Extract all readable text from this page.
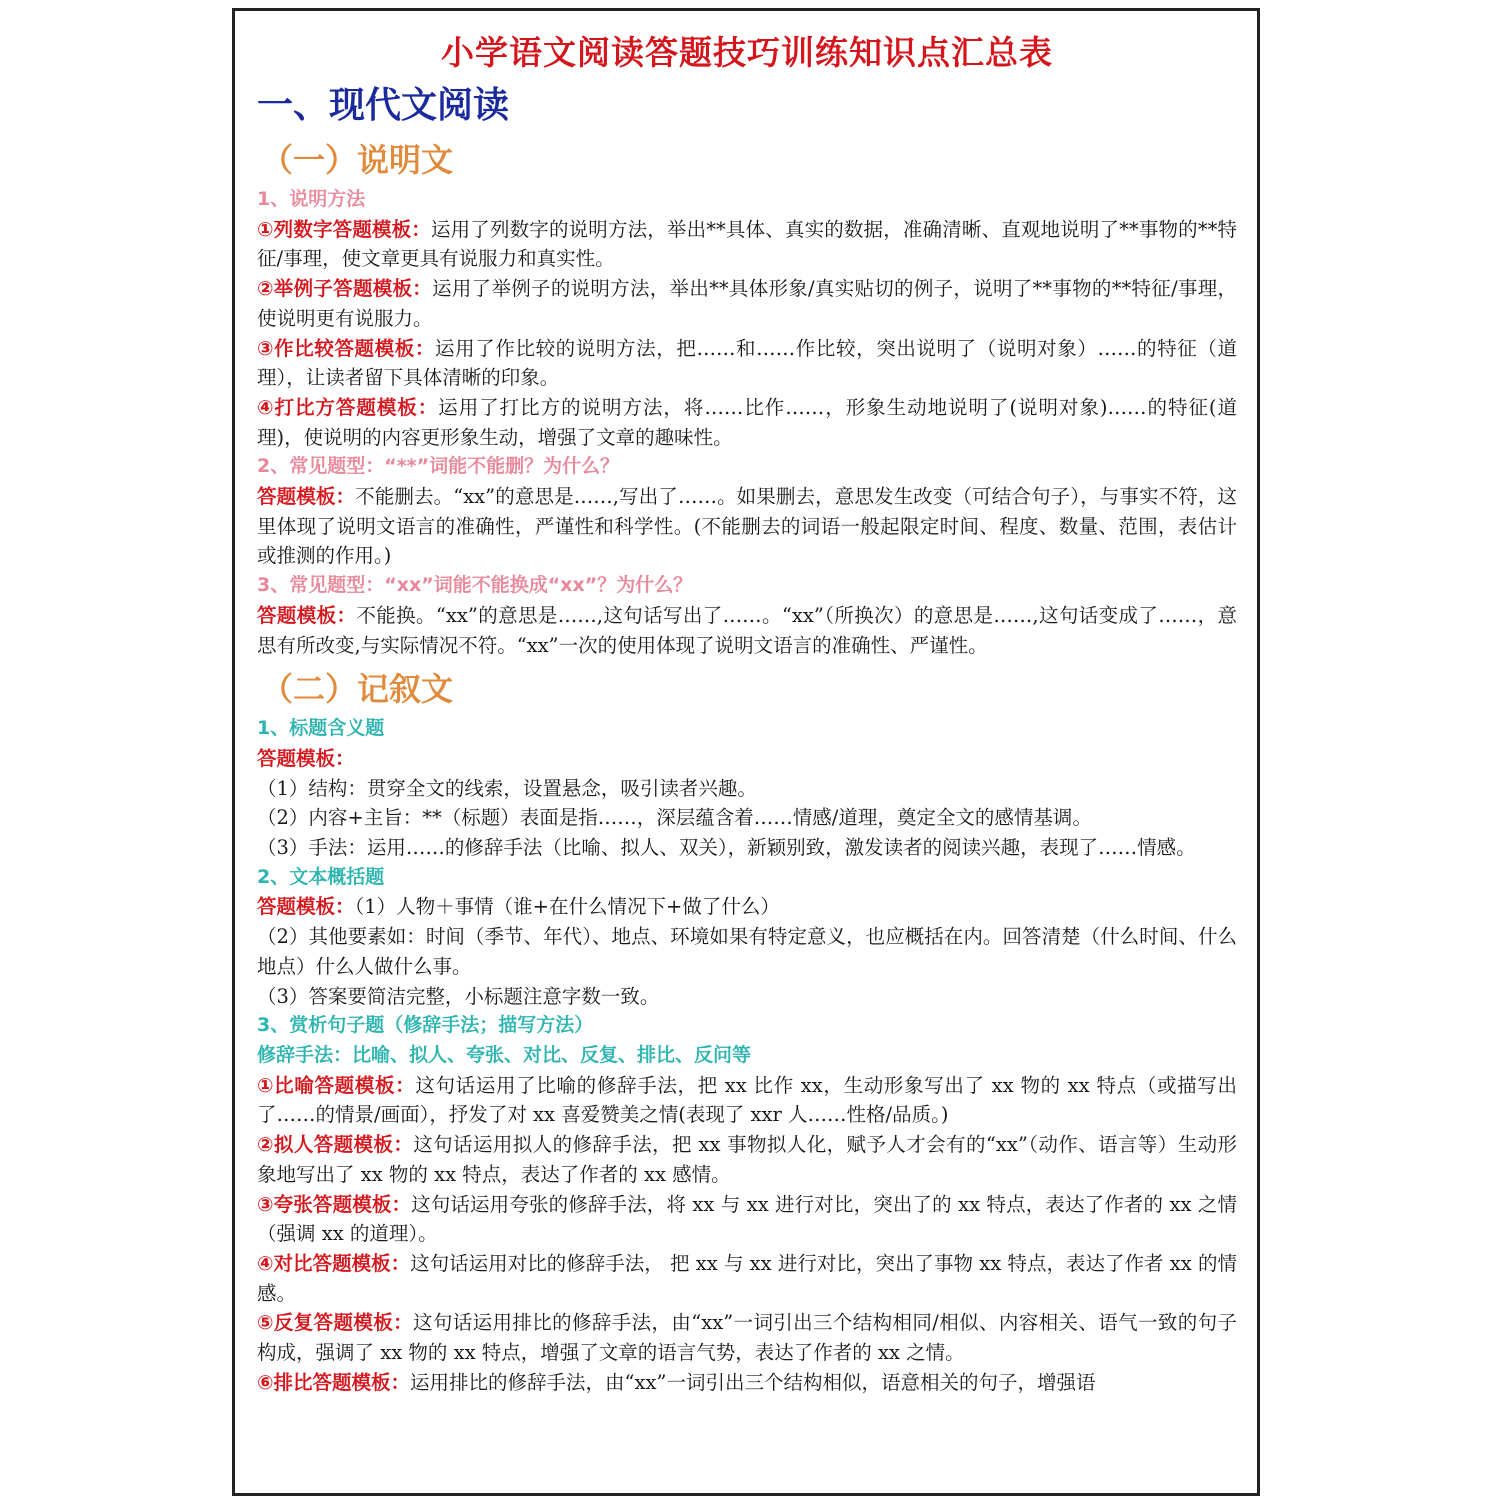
小学语文阅读答题技巧训练知识点汇总表
一、现代文阅读
（一）说明文
1、说明方法
①列数字答题模板：运用了列数字的说明方法，举出**具体、真实的数据，准确清晰、直观地说明了**事物的**特征/事理，使文章更具有说服力和真实性。
②举例子答题模板：运用了举例子的说明方法，举出**具体形象/真实贴切的例子，说明了**事物的**特征/事理，使说明更有说服力。
③作比较答题模板：运用了作比较的说明方法，把……和……作比较，突出说明了（说明对象）……的特征（道理），让读者留下具体清晰的印象。
④打比方答题模板：运用了打比方的说明方法，将……比作……，形象生动地说明了(说明对象)……的特征(道理)，使说明的内容更形象生动，增强了文章的趣味性。
2、常见题型：“**”词能不能删？为什么？
答题模板：不能删去。“xx”的意思是……,写出了……。如果删去，意思发生改变（可结合句子），与事实不符，这里体现了说明文语言的准确性，严谨性和科学性。(不能删去的词语一般起限定时间、程度、数量、范围，表估计或推测的作用。)
3、常见题型：“xx”词能不能换成“xx”？为什么？
答题模板：不能换。“xx”的意思是……,这句话写出了……。“xx”（所换次）的意思是……,这句话变成了……，意思有所改变,与实际情况不符。“xx”一次的使用体现了说明文语言的准确性、严谨性。
（二）记叙文
1、标题含义题
答题模板：
（1）结构：贯穿全文的线索，设置悬念，吸引读者兴趣。
（2）内容+主旨：**（标题）表面是指……，深层蕴含着……情感/道理，奠定全文的感情基调。
（3）手法：运用……的修辞手法（比喻、拟人、双关），新颖别致，激发读者的阅读兴趣，表现了……情感。
2、文本概括题
答题模板：（1）人物＋事情（谁+在什么情况下+做了什么）
（2）其他要素如：时间（季节、年代）、地点、环境如果有特定意义，也应概括在内。回答清楚（什么时间、什么地点）什么人做什么事。
（3）答案要简洁完整，小标题注意字数一致。
3、赏析句子题（修辞手法；描写方法）
修辞手法：比喻、拟人、夸张、对比、反复、排比、反问等
①比喻答题模板：这句话运用了比喻的修辞手法，把 xx 比作 xx，生动形象写出了 xx 物的 xx 特点（或描写出了……的情景/画面），抒发了对 xx 喜爱赞美之情(表现了 xxr 人……性格/品质。)
②拟人答题模板：这句话运用拟人的修辞手法，把 xx 事物拟人化，赋予人才会有的“xx”（动作、语言等）生动形象地写出了 xx 物的 xx 特点，表达了作者的 xx 感情。
③夸张答题模板：这句话运用夸张的修辞手法，将 xx 与 xx 进行对比，突出了的 xx 特点，表达了作者的 xx 之情（强调 xx 的道理）。
④对比答题模板：这句话运用对比的修辞手法， 把 xx 与 xx 进行对比，突出了事物 xx 特点，表达了作者 xx 的情感。
⑤反复答题模板：这句话运用排比的修辞手法，由“xx”一词引出三个结构相同/相似、内容相关、语气一致的句子构成，强调了 xx 物的 xx 特点，增强了文章的语言气势，表达了作者的 xx 之情。
⑥排比答题模板：运用排比的修辞手法，由“xx”一词引出三个结构相似，语意相关的句子，增强语
